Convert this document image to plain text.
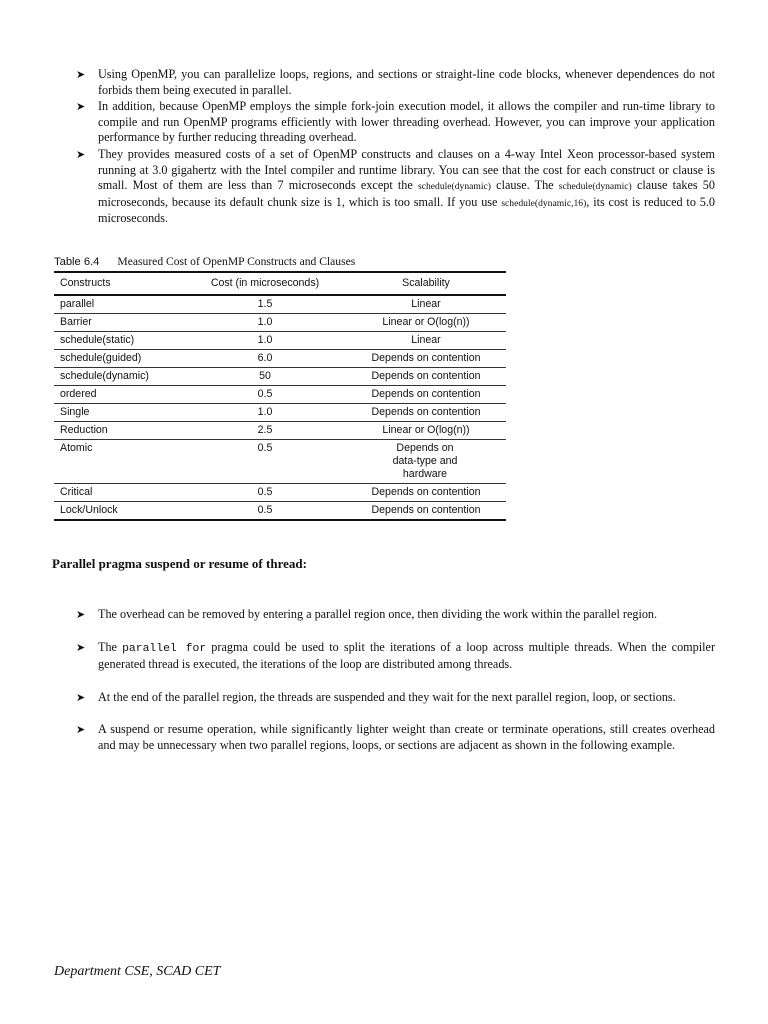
➤ Using OpenMP, you can parallelize loops, regions, and sections or straight-line code blocks, whenever dependences do not forbids them being executed in parallel.
➤ In addition, because OpenMP employs the simple fork-join execution model, it allows the compiler and run-time library to compile and run OpenMP programs efficiently with lower threading overhead. However, you can improve your application performance by further reducing threading overhead.
➤ They provides measured costs of a set of OpenMP constructs and clauses on a 4-way Intel Xeon processor-based system running at 3.0 gigahertz with the Intel compiler and runtime library. You can see that the cost for each construct or clause is small. Most of them are less than 7 microseconds except the schedule(dynamic) clause. The schedule(dynamic) clause takes 50 microseconds, because its default chunk size is 1, which is too small. If you use schedule(dynamic,16), its cost is reduced to 5.0 microseconds.
Table 6.4 Measured Cost of OpenMP Constructs and Clauses
Constructs	Cost (in microseconds)	Scalability
parallel	1.5	Linear
Barrier	1.0	Linear or O(log(n))
schedule(static)	1.0	Linear
schedule(guided)	6.0	Depends on contention
schedule(dynamic)	50	Depends on contention
ordered	0.5	Depends on contention
Single	1.0	Depends on contention
Reduction	2.5	Linear or O(log(n))
Atomic	0.5	Depends on data-type and hardware
Critical	0.5	Depends on contention
Lock/Unlock	0.5	Depends on contention
Parallel pragma suspend or resume of thread:
➤ The overhead can be removed by entering a parallel region once, then dividing the work within the parallel region.
➤ The parallel for pragma could be used to split the iterations of a loop across multiple threads. When the compiler generated thread is executed, the iterations of the loop are distributed among threads.
➤ At the end of the parallel region, the threads are suspended and they wait for the next parallel region, loop, or sections.
➤ A suspend or resume operation, while significantly lighter weight than create or terminate operations, still creates overhead and may be unnecessary when two parallel regions, loops, or sections are adjacent as shown in the following example.
Department CSE, SCAD CET
